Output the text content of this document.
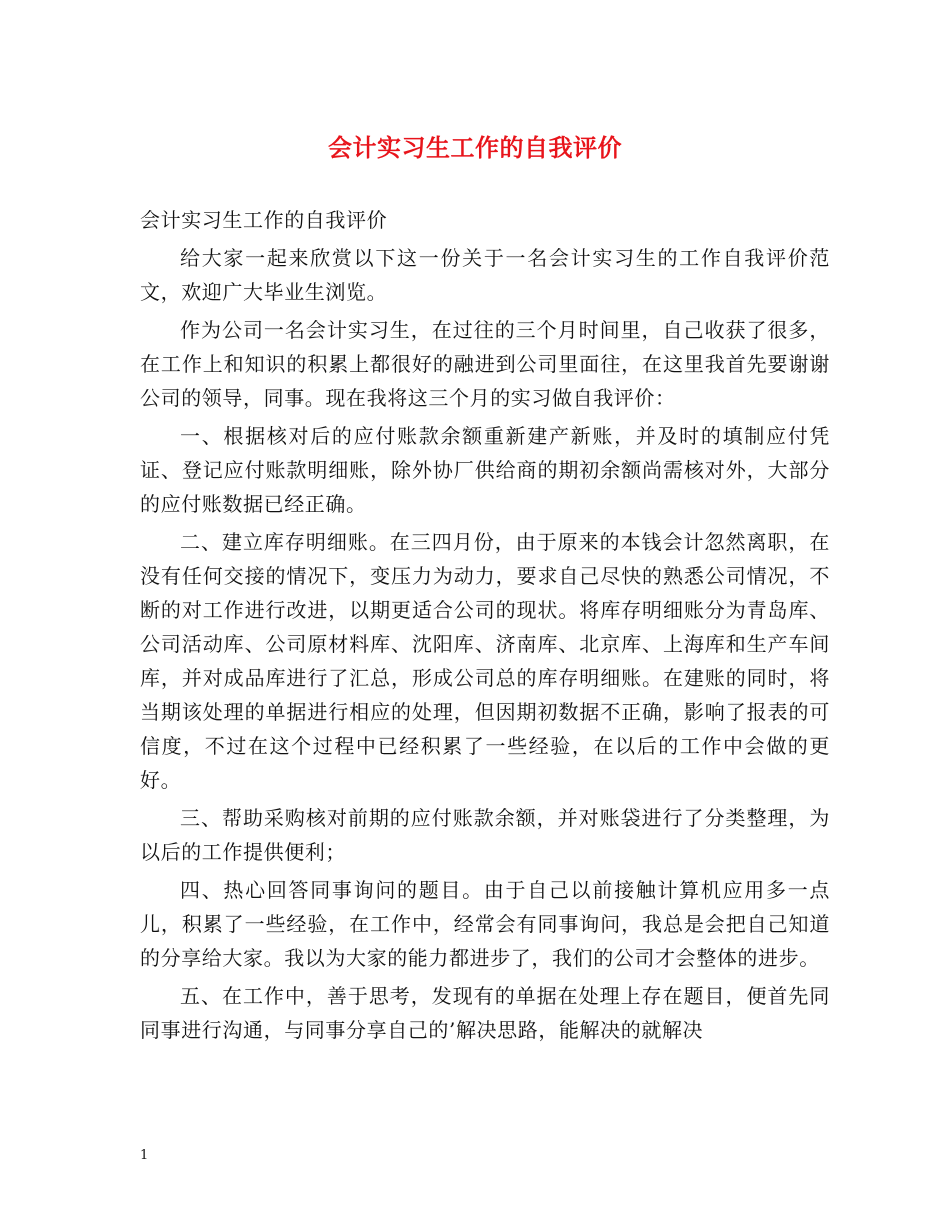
会计实习生工作的自我评价

会计实习生工作的自我评价

给大家一起来欣赏以下这一份关于一名会计实习生的工作自我评价范文，欢迎广大毕业生浏览。

作为公司一名会计实习生，在过往的三个月时间里，自己收获了很多，在工作上和知识的积累上都很好的融进到公司里面往，在这里我首先要谢谢公司的领导，同事。现在我将这三个月的实习做自我评价：

一、根据核对后的应付账款余额重新建产新账，并及时的填制应付凭证、登记应付账款明细账，除外协厂供给商的期初余额尚需核对外，大部分的应付账数据已经正确。

二、建立库存明细账。在三四月份，由于原来的本钱会计忽然离职，在没有任何交接的情况下，变压力为动力，要求自己尽快的熟悉公司情况，不断的对工作进行改进，以期更适合公司的现状。将库存明细账分为青岛库、公司活动库、公司原材料库、沈阳库、济南库、北京库、上海库和生产车间库，并对成品库进行了汇总，形成公司总的库存明细账。在建账的同时，将当期该处理的单据进行相应的处理，但因期初数据不正确，影响了报表的可信度，不过在这个过程中已经积累了一些经验，在以后的工作中会做的更好。

三、帮助采购核对前期的应付账款余额，并对账袋进行了分类整理，为以后的工作提供便利；

四、热心回答同事询问的题目。由于自己以前接触计算机应用多一点儿，积累了一些经验，在工作中，经常会有同事询问，我总是会把自己知道的分享给大家。我以为大家的能力都进步了，我们的公司才会整体的进步。

五、在工作中，善于思考，发现有的单据在处理上存在题目，便首先同同事进行沟通，与同事分享自己的’解决思路，能解决的就解决

1
